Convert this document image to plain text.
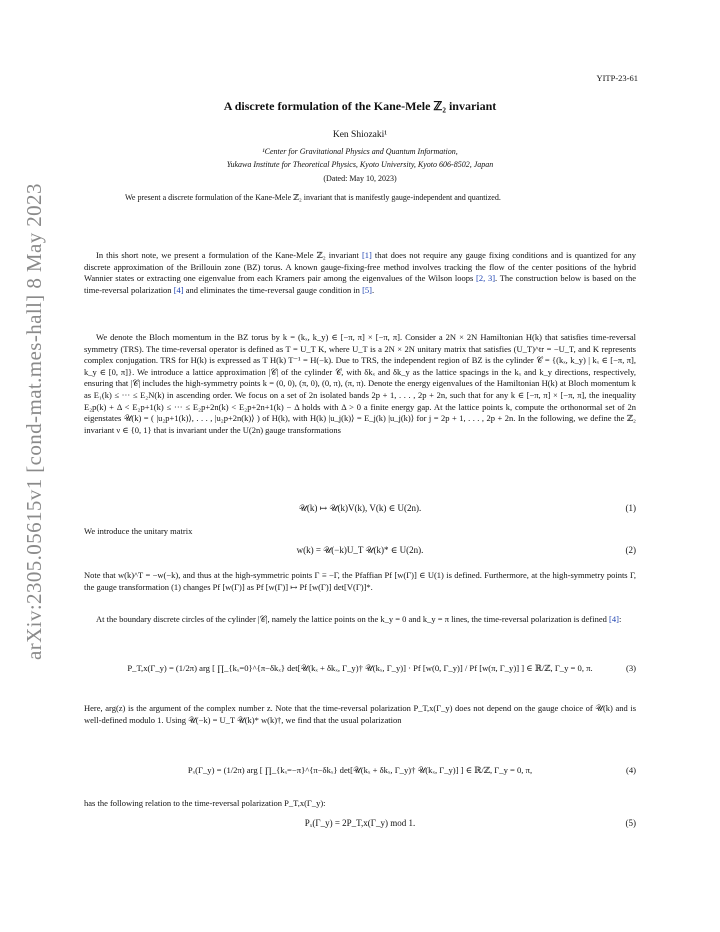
arXiv:2305.05615v1 [cond-mat.mes-hall] 8 May 2023
YITP-23-61
A discrete formulation of the Kane-Mele ℤ₂ invariant
Ken Shiozaki¹
¹Center for Gravitational Physics and Quantum Information,
Yukawa Institute for Theoretical Physics, Kyoto University, Kyoto 606-8502, Japan
(Dated: May 10, 2023)
We present a discrete formulation of the Kane-Mele ℤ₂ invariant that is manifestly gauge-independent and quantized.

In this short note, we present a formulation of the Kane-Mele ℤ₂ invariant [1] that does not require any gauge fixing conditions and is quantized for any discrete approximation of the Brillouin zone (BZ) torus. A known gauge-fixing-free method involves tracking the flow of the center positions of the hybrid Wannier states or extracting one eigenvalue from each Kramers pair among the eigenvalues of the Wilson loops [2, 3]. The construction below is based on the time-reversal polarization [4] and eliminates the time-reversal gauge condition in [5].

We denote the Bloch momentum in the BZ torus by k = (kₓ, k_y) ∈ [−π, π] × [−π, π]. Consider a 2N × 2N Hamiltonian H(k) that satisfies time-reversal symmetry (TRS). The time-reversal operator is defined as T = U_T K, where U_T is a 2N × 2N unitary matrix that satisfies (U_T)^tr = −U_T, and K represents complex conjugation. TRS for H(k) is expressed as T H(k) T⁻¹ = H(−k). Due to TRS, the independent region of BZ is the cylinder 𝒞 = {(kₓ, k_y) | kₓ ∈ [−π, π], k_y ∈ [0, π]}. We introduce a lattice approximation |𝒞| of the cylinder 𝒞, with δkₓ and δk_y as the lattice spacings in the kₓ and k_y directions, respectively, ensuring that |𝒞| includes the high-symmetry points k = (0, 0), (π, 0), (0, π), (π, π). Denote the energy eigenvalues of the Hamiltonian H(k) at Bloch momentum k as E₁(k) ≤ ··· ≤ E₂N(k) in ascending order. We focus on a set of 2n isolated bands 2p + 1, . . . , 2p + 2n, such that for any k ∈ [−π, π] × [−π, π], the inequality E₂p(k) + Δ < E₂p+1(k) ≤ ··· ≤ E₂p+2n(k) < E₂p+2n+1(k) − Δ holds with Δ > 0 a finite energy gap. At the lattice points k, compute the orthonormal set of 2n eigenstates 𝒰(k) = ( |u₂p+1(k)⟩, . . . , |u₂p+2n(k)⟩ ) of H(k), with H(k) |u_j(k)⟩ = E_j(k) |u_j(k)⟩ for j = 2p + 1, . . . , 2p + 2n. In the following, we define the ℤ₂ invariant ν ∈ {0, 1} that is invariant under the U(2n) gauge transformations

𝒰(k) ↦ 𝒰(k)V(k), V(k) ∈ U(2n).	(1)

We introduce the unitary matrix

w(k) = 𝒰(−k)U_T 𝒰(k)* ∈ U(2n).	(2)

Note that w(k)^T = −w(−k), and thus at the high-symmetric points Γ ≡ −Γ, the Pfaffian Pf [w(Γ)] ∈ U(1) is defined. Furthermore, at the high-symmetry points Γ, the gauge transformation (1) changes Pf [w(Γ)] as Pf [w(Γ)] ↦ Pf [w(Γ)] det[V(Γ)]*.

At the boundary discrete circles of the cylinder |𝒞|, namely the lattice points on the k_y = 0 and k_y = π lines, the time-reversal polarization is defined [4]:

P_T,x(Γ_y) = (1/2π) arg [ ∏_{kₓ=0}^{π−δkₓ} det[𝒰(kₓ + δkₓ, Γ_y)† 𝒰(kₓ, Γ_y)] · Pf [w(0, Γ_y)] / Pf [w(π, Γ_y)] ] ∈ ℝ/ℤ, Γ_y = 0, π.	(3)

Here, arg(z) is the argument of the complex number z. Note that the time-reversal polarization P_T,x(Γ_y) does not depend on the gauge choice of 𝒰(k) and is well-defined modulo 1. Using 𝒰(−k) = U_T 𝒰(k)* w(k)†, we find that the usual polarization

Pₓ(Γ_y) = (1/2π) arg [ ∏_{kₓ=−π}^{π−δkₓ} det[𝒰(kₓ + δkₓ, Γ_y)† 𝒰(kₓ, Γ_y)] ] ∈ ℝ/ℤ, Γ_y = 0, π,	(4)

has the following relation to the time-reversal polarization P_T,x(Γ_y):

Pₓ(Γ_y) = 2P_T,x(Γ_y) mod 1.	(5)
